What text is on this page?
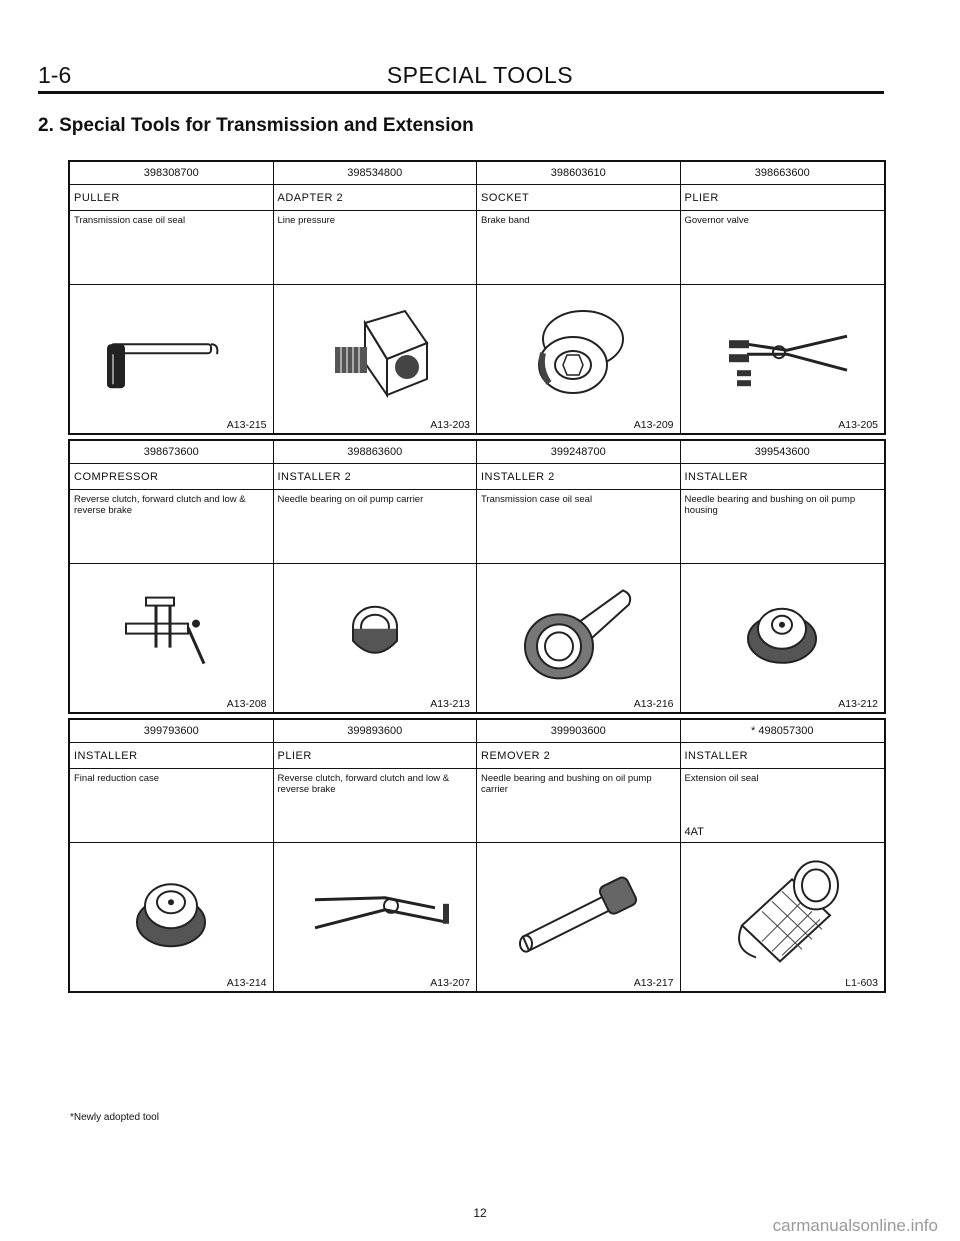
1-6	SPECIAL TOOLS
2. Special Tools for Transmission and Extension
398308700
PULLER
Transmission case oil seal
A13-215
398534800
ADAPTER 2
Line pressure
A13-203
398603610
SOCKET
Brake band
A13-209
398663600
PLIER
Governor valve
A13-205
398673600
COMPRESSOR
Reverse clutch, forward clutch and low & reverse brake
A13-208
398863600
INSTALLER 2
Needle bearing on oil pump carrier
A13-213
399248700
INSTALLER 2
Transmission case oil seal
A13-216
399543600
INSTALLER
Needle bearing and bushing on oil pump housing
A13-212
399793600
INSTALLER
Final reduction case
A13-214
399893600
PLIER
Reverse clutch, forward clutch and low & reverse brake
A13-207
399903600
REMOVER 2
Needle bearing and bushing on oil pump carrier
A13-217
* 498057300
INSTALLER
Extension oil seal
4AT
L1-603
*Newly adopted tool
12
carmanualsonline.info
